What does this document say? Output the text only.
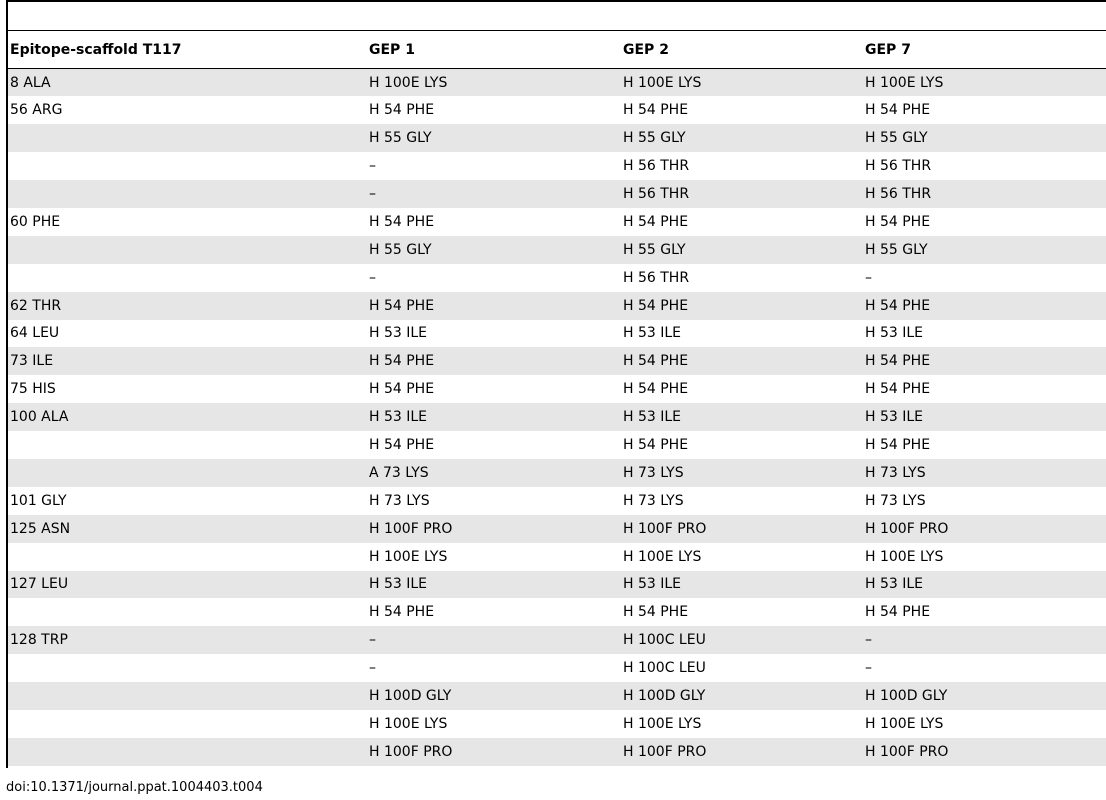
Epitope-scaffold T117	GEP 1	GEP 2	GEP 7
8 ALA	H 100E LYS	H 100E LYS	H 100E LYS
56 ARG	H 54 PHE	H 54 PHE	H 54 PHE
	H 55 GLY	H 55 GLY	H 55 GLY
	–	H 56 THR	H 56 THR
	–	H 56 THR	H 56 THR
60 PHE	H 54 PHE	H 54 PHE	H 54 PHE
	H 55 GLY	H 55 GLY	H 55 GLY
	–	H 56 THR	–
62 THR	H 54 PHE	H 54 PHE	H 54 PHE
64 LEU	H 53 ILE	H 53 ILE	H 53 ILE
73 ILE	H 54 PHE	H 54 PHE	H 54 PHE
75 HIS	H 54 PHE	H 54 PHE	H 54 PHE
100 ALA	H 53 ILE	H 53 ILE	H 53 ILE
	H 54 PHE	H 54 PHE	H 54 PHE
	A 73 LYS	H 73 LYS	H 73 LYS
101 GLY	H 73 LYS	H 73 LYS	H 73 LYS
125 ASN	H 100F PRO	H 100F PRO	H 100F PRO
	H 100E LYS	H 100E LYS	H 100E LYS
127 LEU	H 53 ILE	H 53 ILE	H 53 ILE
	H 54 PHE	H 54 PHE	H 54 PHE
128 TRP	–	H 100C LEU	–
	–	H 100C LEU	–
	H 100D GLY	H 100D GLY	H 100D GLY
	H 100E LYS	H 100E LYS	H 100E LYS
	H 100F PRO	H 100F PRO	H 100F PRO
doi:10.1371/journal.ppat.1004403.t004
